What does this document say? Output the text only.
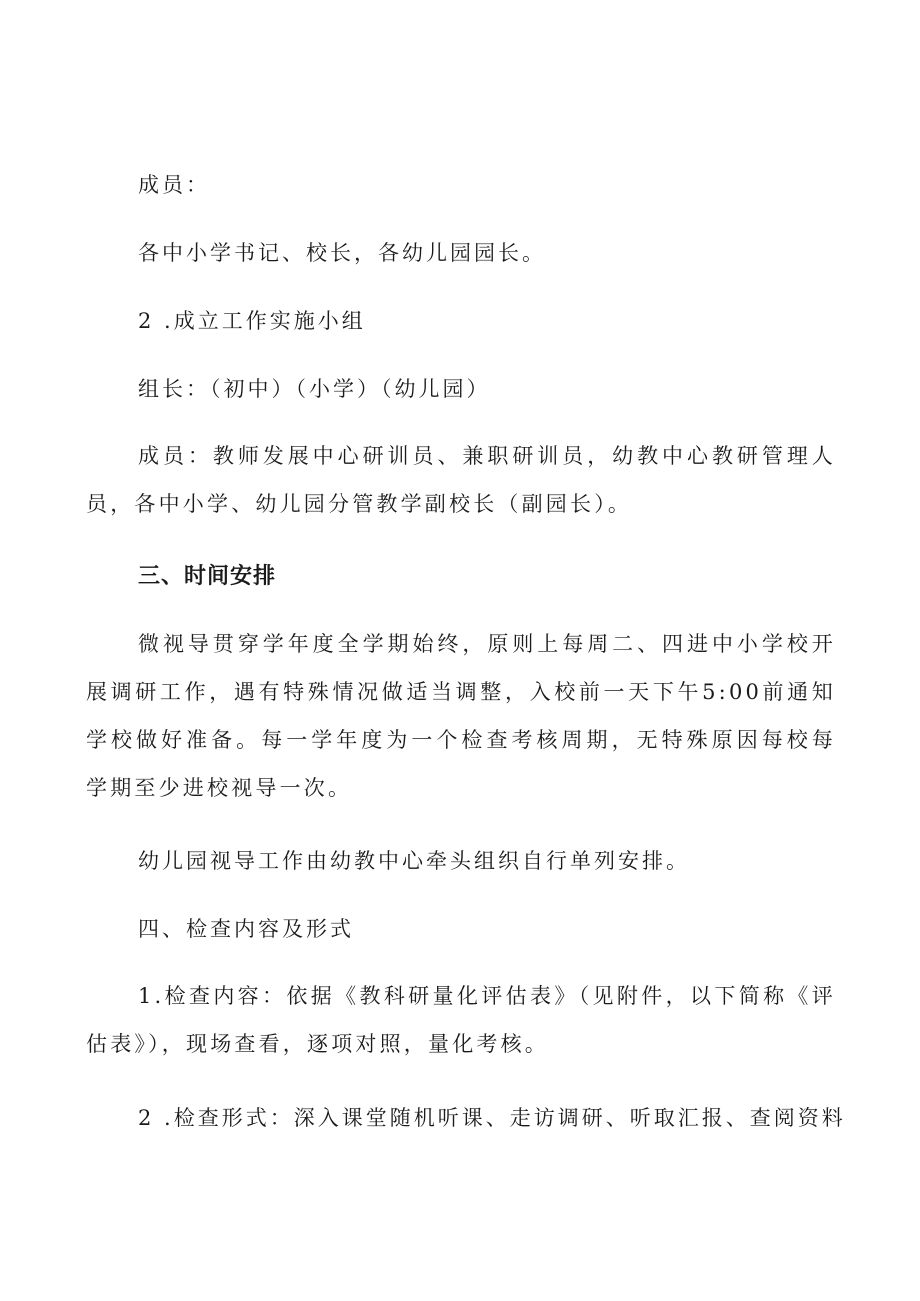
成员：

各中小学书记、校长，各幼儿园园长。

2 .成立工作实施小组

组长：（初中）（小学）（幼儿园）

成员：教师发展中心研训员、兼职研训员，幼教中心教研管理人员，各中小学、幼儿园分管教学副校长（副园长）。

三、时间安排

微视导贯穿学年度全学期始终，原则上每周二、四进中小学校开展调研工作，遇有特殊情况做适当调整，入校前一天下午5:00前通知学校做好准备。每一学年度为一个检查考核周期，无特殊原因每校每学期至少进校视导一次。

幼儿园视导工作由幼教中心牵头组织自行单列安排。

四、检查内容及形式

1.检查内容：依据《教科研量化评估表》（见附件，以下简称《评估表》），现场查看，逐项对照，量化考核。

2 .检查形式：深入课堂随机听课、走访调研、听取汇报、查阅资料
